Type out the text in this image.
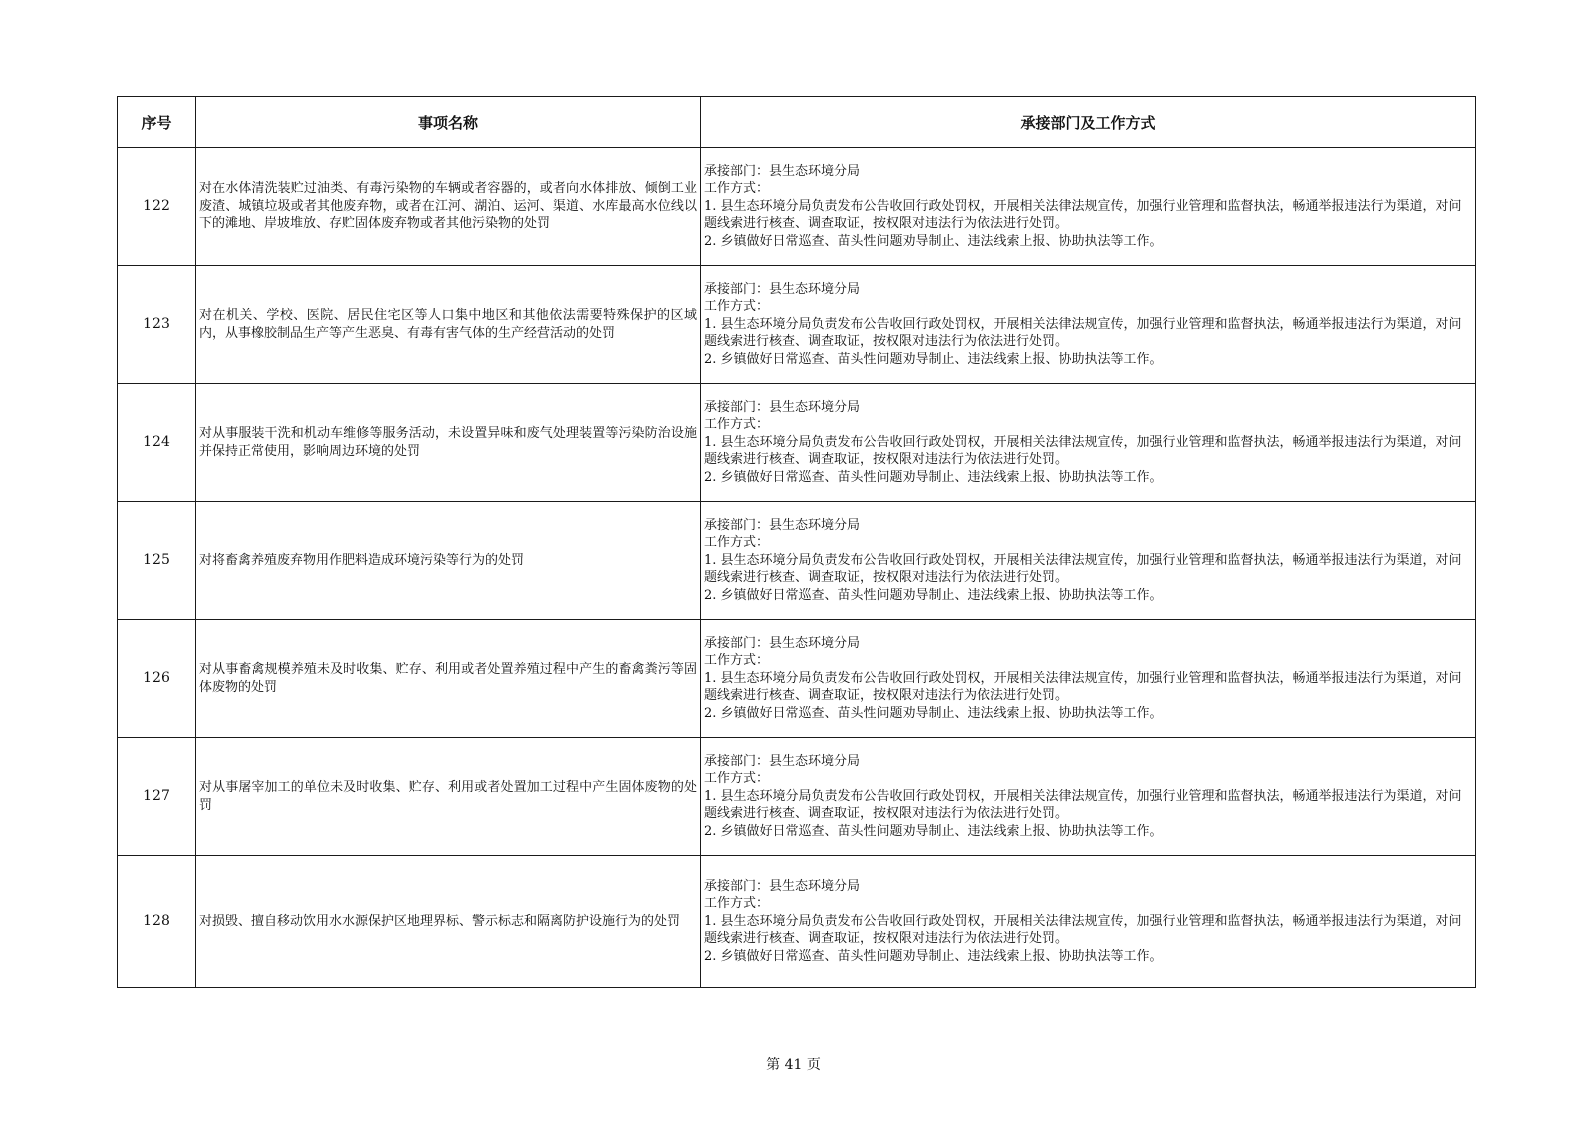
序号	事项名称	承接部门及工作方式
122	对在水体清洗装贮过油类、有毒污染物的车辆或者容器的，或者向水体排放、倾倒工业废渣、城镇垃圾或者其他废弃物，或者在江河、湖泊、运河、渠道、水库最高水位线以下的滩地、岸坡堆放、存贮固体废弃物或者其他污染物的处罚	承接部门：县生态环境分局
工作方式：
1. 县生态环境分局负责发布公告收回行政处罚权，开展相关法律法规宣传，加强行业管理和监督执法，畅通举报违法行为渠道，对问题线索进行核查、调查取证，按权限对违法行为依法进行处罚。
2. 乡镇做好日常巡查、苗头性问题劝导制止、违法线索上报、协助执法等工作。

123	对在机关、学校、医院、居民住宅区等人口集中地区和其他依法需要特殊保护的区域内，从事橡胶制品生产等产生恶臭、有毒有害气体的生产经营活动的处罚	承接部门：县生态环境分局
工作方式：
1. 县生态环境分局负责发布公告收回行政处罚权，开展相关法律法规宣传，加强行业管理和监督执法，畅通举报违法行为渠道，对问题线索进行核查、调查取证，按权限对违法行为依法进行处罚。
2. 乡镇做好日常巡查、苗头性问题劝导制止、违法线索上报、协助执法等工作。

124	对从事服装干洗和机动车维修等服务活动，未设置异味和废气处理装置等污染防治设施并保持正常使用，影响周边环境的处罚	承接部门：县生态环境分局
工作方式：
1. 县生态环境分局负责发布公告收回行政处罚权，开展相关法律法规宣传，加强行业管理和监督执法，畅通举报违法行为渠道，对问题线索进行核查、调查取证，按权限对违法行为依法进行处罚。
2. 乡镇做好日常巡查、苗头性问题劝导制止、违法线索上报、协助执法等工作。

125	对将畜禽养殖废弃物用作肥料造成环境污染等行为的处罚	承接部门：县生态环境分局
工作方式：
1. 县生态环境分局负责发布公告收回行政处罚权，开展相关法律法规宣传，加强行业管理和监督执法，畅通举报违法行为渠道，对问题线索进行核查、调查取证，按权限对违法行为依法进行处罚。
2. 乡镇做好日常巡查、苗头性问题劝导制止、违法线索上报、协助执法等工作。

126	对从事畜禽规模养殖未及时收集、贮存、利用或者处置养殖过程中产生的畜禽粪污等固体废物的处罚	承接部门：县生态环境分局
工作方式：
1. 县生态环境分局负责发布公告收回行政处罚权，开展相关法律法规宣传，加强行业管理和监督执法，畅通举报违法行为渠道，对问题线索进行核查、调查取证，按权限对违法行为依法进行处罚。
2. 乡镇做好日常巡查、苗头性问题劝导制止、违法线索上报、协助执法等工作。

127	对从事屠宰加工的单位未及时收集、贮存、利用或者处置加工过程中产生固体废物的处罚	承接部门：县生态环境分局
工作方式：
1. 县生态环境分局负责发布公告收回行政处罚权，开展相关法律法规宣传，加强行业管理和监督执法，畅通举报违法行为渠道，对问题线索进行核查、调查取证，按权限对违法行为依法进行处罚。
2. 乡镇做好日常巡查、苗头性问题劝导制止、违法线索上报、协助执法等工作。

128	对损毁、擅自移动饮用水水源保护区地理界标、警示标志和隔离防护设施行为的处罚	承接部门：县生态环境分局
工作方式：
1. 县生态环境分局负责发布公告收回行政处罚权，开展相关法律法规宣传，加强行业管理和监督执法，畅通举报违法行为渠道，对问题线索进行核查、调查取证，按权限对违法行为依法进行处罚。
2. 乡镇做好日常巡查、苗头性问题劝导制止、违法线索上报、协助执法等工作。
第 41 页
